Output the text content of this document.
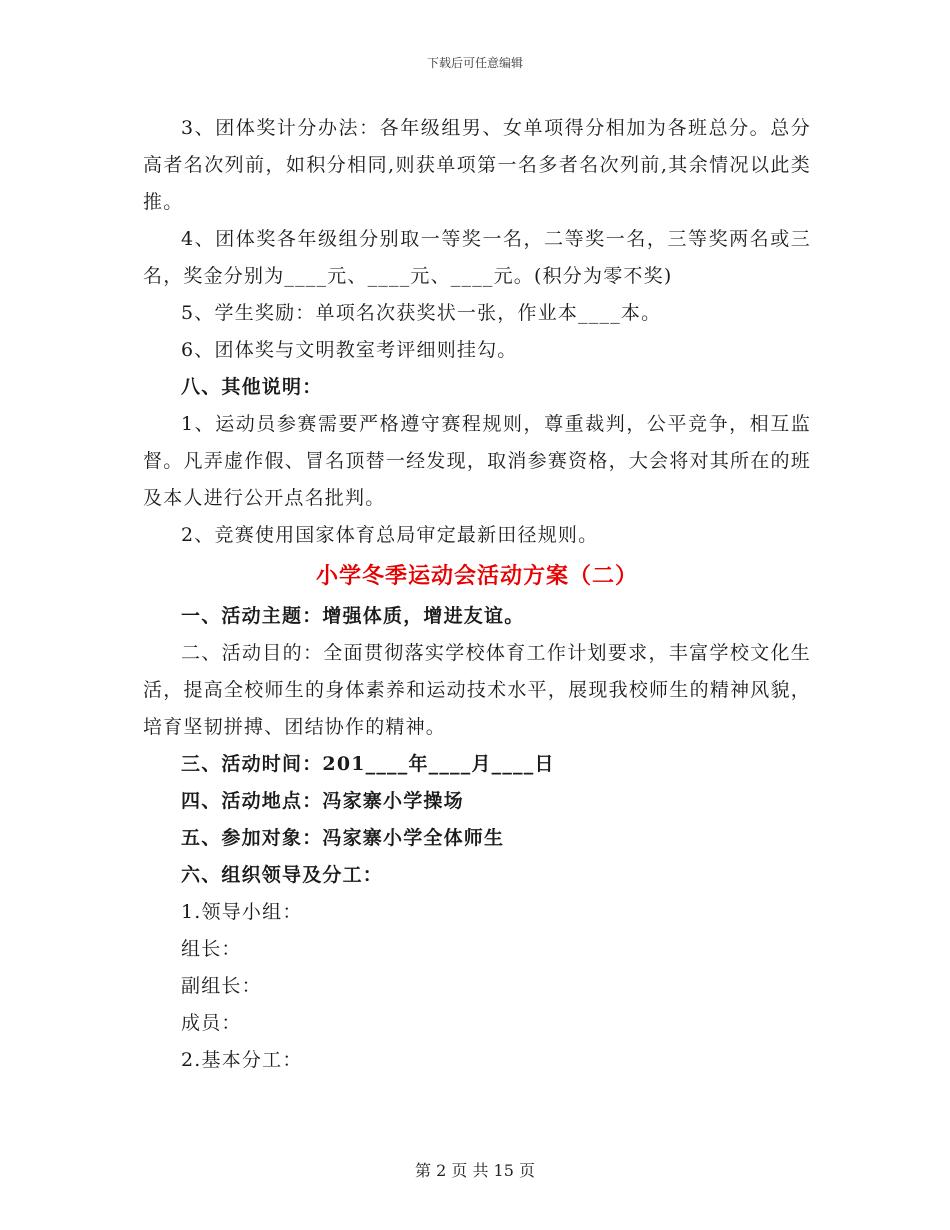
下载后可任意编辑

3、团体奖计分办法：各年级组男、女单项得分相加为各班总分。总分高者名次列前，如积分相同,则获单项第一名多者名次列前,其余情况以此类推。

4、团体奖各年级组分别取一等奖一名，二等奖一名，三等奖两名或三名，奖金分别为____元、____元、____元。(积分为零不奖)

5、学生奖励：单项名次获奖状一张，作业本____本。

6、团体奖与文明教室考评细则挂勾。

八、其他说明：

1、运动员参赛需要严格遵守赛程规则，尊重裁判，公平竞争，相互监督。凡弄虚作假、冒名顶替一经发现，取消参赛资格，大会将对其所在的班及本人进行公开点名批判。

2、竞赛使用国家体育总局审定最新田径规则。

小学冬季运动会活动方案（二）

一、活动主题：增强体质，增进友谊。

二、活动目的：全面贯彻落实学校体育工作计划要求，丰富学校文化生活，提高全校师生的身体素养和运动技术水平，展现我校师生的精神风貌，培育坚韧拼搏、团结协作的精神。

三、活动时间：201____年____月____日

四、活动地点：冯家寨小学操场

五、参加对象：冯家寨小学全体师生

六、组织领导及分工：

1.领导小组：

组长：

副组长：

成员：

2.基本分工：

第 2 页 共 15 页
